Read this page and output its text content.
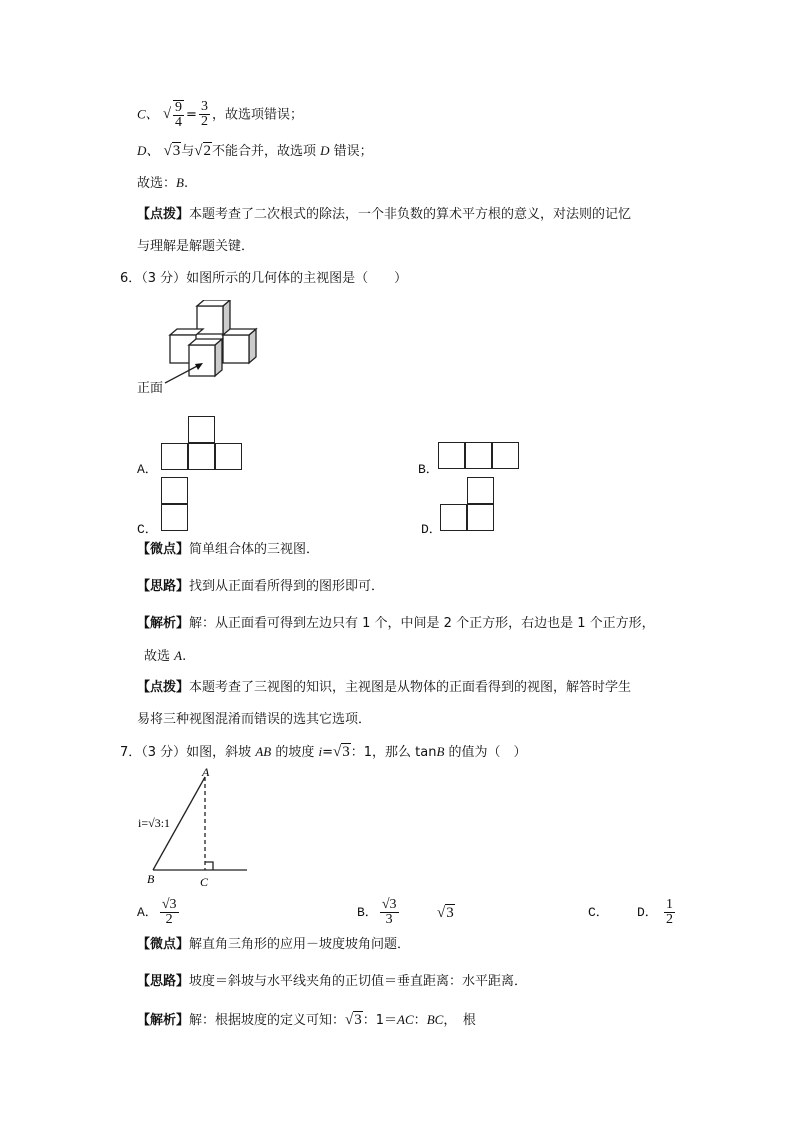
C、 √ $\frac{9}{4} = \frac{3}{2}$ ，故选项错误；
D、 √3与√2不能合并，故选项 D 错误；
故选：B.
【点拨】本题考查了二次根式的除法，一个非负数的算术平方根的意义，对法则的记忆
与理解是解题关键．
6．（3 分）如图所示的几何体的主视图是（　　）
正面
A．	B．
C．	D．
【微点】简单组合体的三视图．
【思路】找到从正面看所得到的图形即可．
【解析】解：从正面看可得到左边只有 1 个，中间是 2 个正方形，右边也是 1 个正方形，
故选 A.
【点拨】本题考查了三视图的知识，主视图是从物体的正面看得到的视图，解答时学生
易将三种视图混淆而错误的选其它选项．
7．（3 分）如图，斜坡 AB 的坡度 i=√3：1，那么 tanB 的值为（　）
A
B	C
i=√3:1
A． $\frac{√3}{2}$	B． $\frac{√3}{3}$	√3	C． D． $\frac{1}{2}$
【微点】解直角三角形的应用－坡度坡角问题．
【思路】坡度＝斜坡与水平线夹角的正切值＝垂直距离：水平距离．
【解析】解：根据坡度的定义可知：√3：1＝AC：BC，　根
